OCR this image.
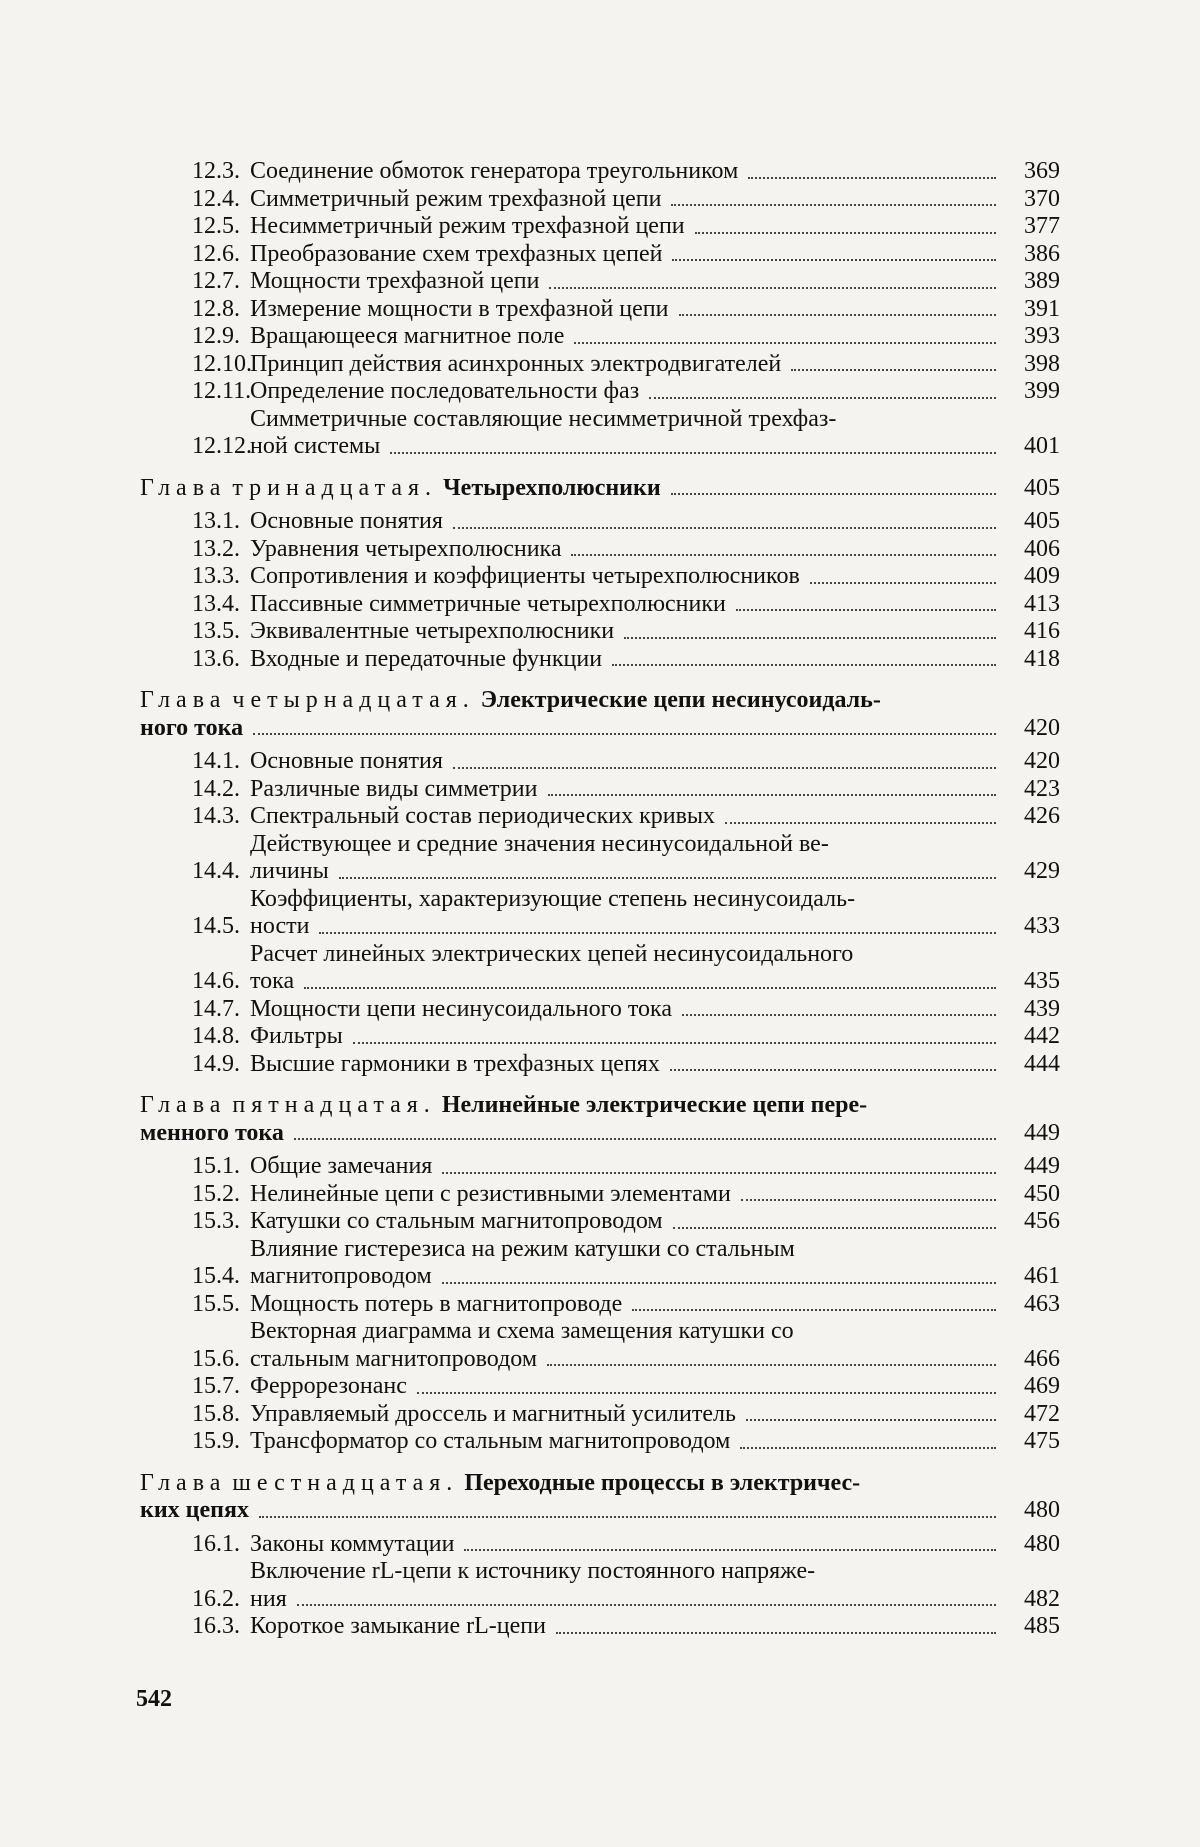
12.3. Соединение обмоток генератора треугольником	369
12.4. Симметричный режим трехфазной цепи	370
12.5. Несимметричный режим трехфазной цепи	377
12.6. Преобразование схем трехфазных цепей	386
12.7. Мощности трехфазной цепи	389
12.8. Измерение мощности в трехфазной цепи	391
12.9. Вращающееся магнитное поле	393
12.10.
Принцип действия асинхронных электродвигателей	398
12.11.
Определение последовательности фаз	399
12.12.
Симметричные составляющие несимметричной трехфаз-
ной системы	401
Глава тринадцатая. Четырехполюсники	405
13.1. Основные понятия	405
13.2. Уравнения четырехполюсника	406
13.3. Сопротивления и коэффициенты четырехполюсников	409
13.4. Пассивные симметричные четырехполюсники	413
13.5. Эквивалентные четырехполюсники	416
13.6. Входные и передаточные функции	418
Глава четырнадцатая. Электрические цепи несинусоидаль-
ного тока	420
14.1. Основные понятия	420
14.2. Различные виды симметрии	423
14.3. Спектральный состав периодических кривых	426
14.4.
Действующее и средние значения несинусоидальной ве-
личины	429
14.5.
Коэффициенты, характеризующие степень несинусоидаль-
ности	433
14.6.
Расчет линейных электрических цепей несинусоидального
тока	435
14.7. Мощности цепи несинусоидального тока	439
14.8. Фильтры	442
14.9. Высшие гармоники в трехфазных цепях	444
Глава пятнадцатая. Нелинейные электрические цепи пере-
менного тока	449
15.1. Общие замечания	449
15.2. Нелинейные цепи с резистивными элементами	450
15.3. Катушки со стальным магнитопроводом	456
15.4.
Влияние гистерезиса на режим катушки со стальным
магнитопроводом	461
15.5. Мощность потерь в магнитопроводе	463
15.6.
Векторная диаграмма и схема замещения катушки со
стальным магнитопроводом	466
15.7. Феррорезонанс	469
15.8. Управляемый дроссель и магнитный усилитель	472
15.9. Трансформатор со стальным магнитопроводом	475
Глава шестнадцатая. Переходные процессы в электричес-
ких цепях	480
16.1. Законы коммутации	480
16.2.
Включение rL-цепи к источнику постоянного напряже-
ния	482
16.3. Короткое замыкание rL-цепи	485
542
